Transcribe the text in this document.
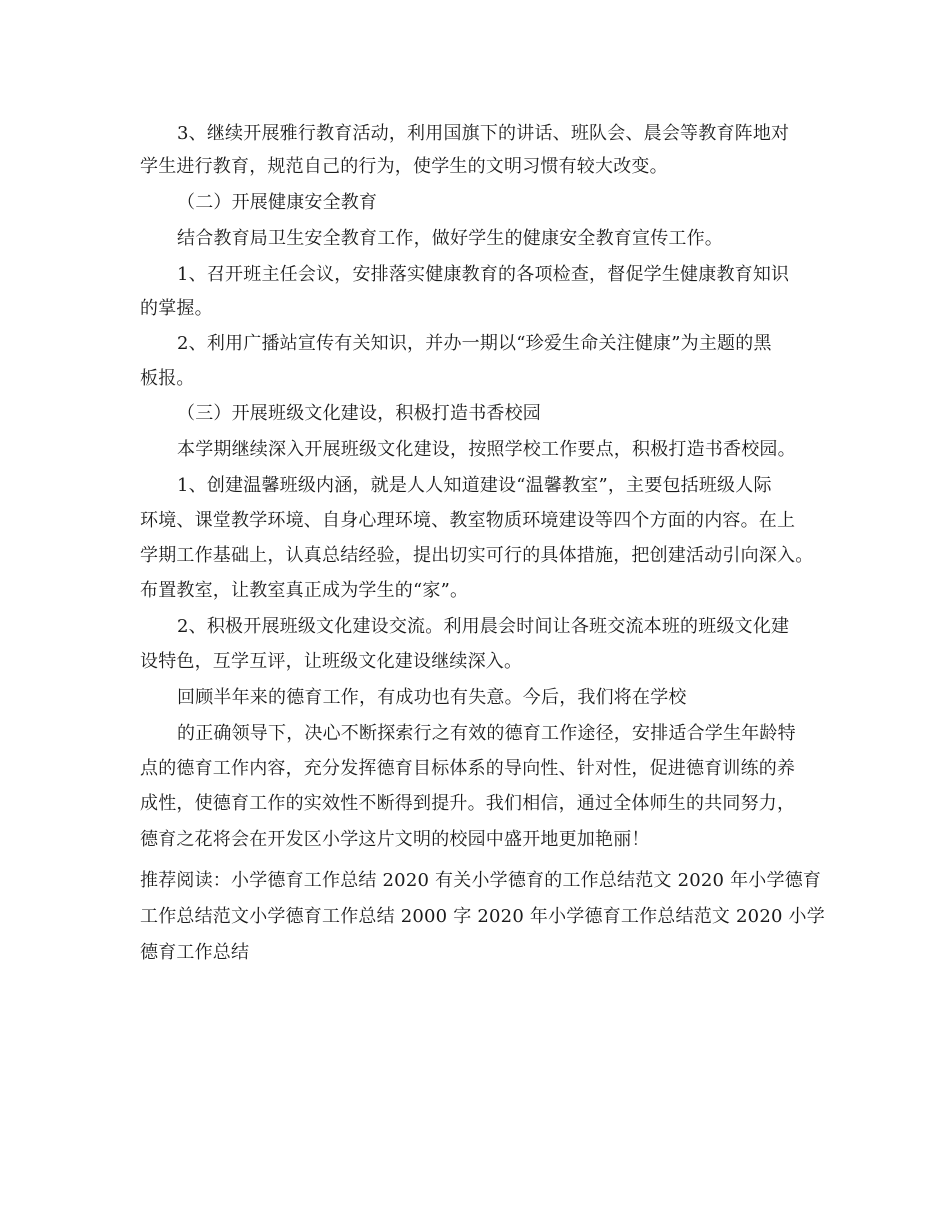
3、继续开展雅行教育活动，利用国旗下的讲话、班队会、晨会等教育阵地对
学生进行教育，规范自己的行为，使学生的文明习惯有较大改变。
（二）开展健康安全教育
结合教育局卫生安全教育工作，做好学生的健康安全教育宣传工作。
1、召开班主任会议，安排落实健康教育的各项检查，督促学生健康教育知识
的掌握。
2、利用广播站宣传有关知识，并办一期以“珍爱生命关注健康”为主题的黑
板报。
（三）开展班级文化建设，积极打造书香校园
本学期继续深入开展班级文化建设，按照学校工作要点，积极打造书香校园。
1、创建温馨班级内涵，就是人人知道建设“温馨教室”，主要包括班级人际
环境、课堂教学环境、自身心理环境、教室物质环境建设等四个方面的内容。在上
学期工作基础上，认真总结经验，提出切实可行的具体措施，把创建活动引向深入。
布置教室，让教室真正成为学生的“家”。
2、积极开展班级文化建设交流。利用晨会时间让各班交流本班的班级文化建
设特色，互学互评，让班级文化建设继续深入。
回顾半年来的德育工作，有成功也有失意。今后，我们将在学校
的正确领导下，决心不断探索行之有效的德育工作途径，安排适合学生年龄特
点的德育工作内容，充分发挥德育目标体系的导向性、针对性，促进德育训练的养
成性，使德育工作的实效性不断得到提升。我们相信，通过全体师生的共同努力，
德育之花将会在开发区小学这片文明的校园中盛开地更加艳丽！
推荐阅读：小学德育工作总结 2020 有关小学德育的工作总结范文 2020 年小学德育
工作总结范文小学德育工作总结 2000 字 2020 年小学德育工作总结范文 2020 小学
德育工作总结
